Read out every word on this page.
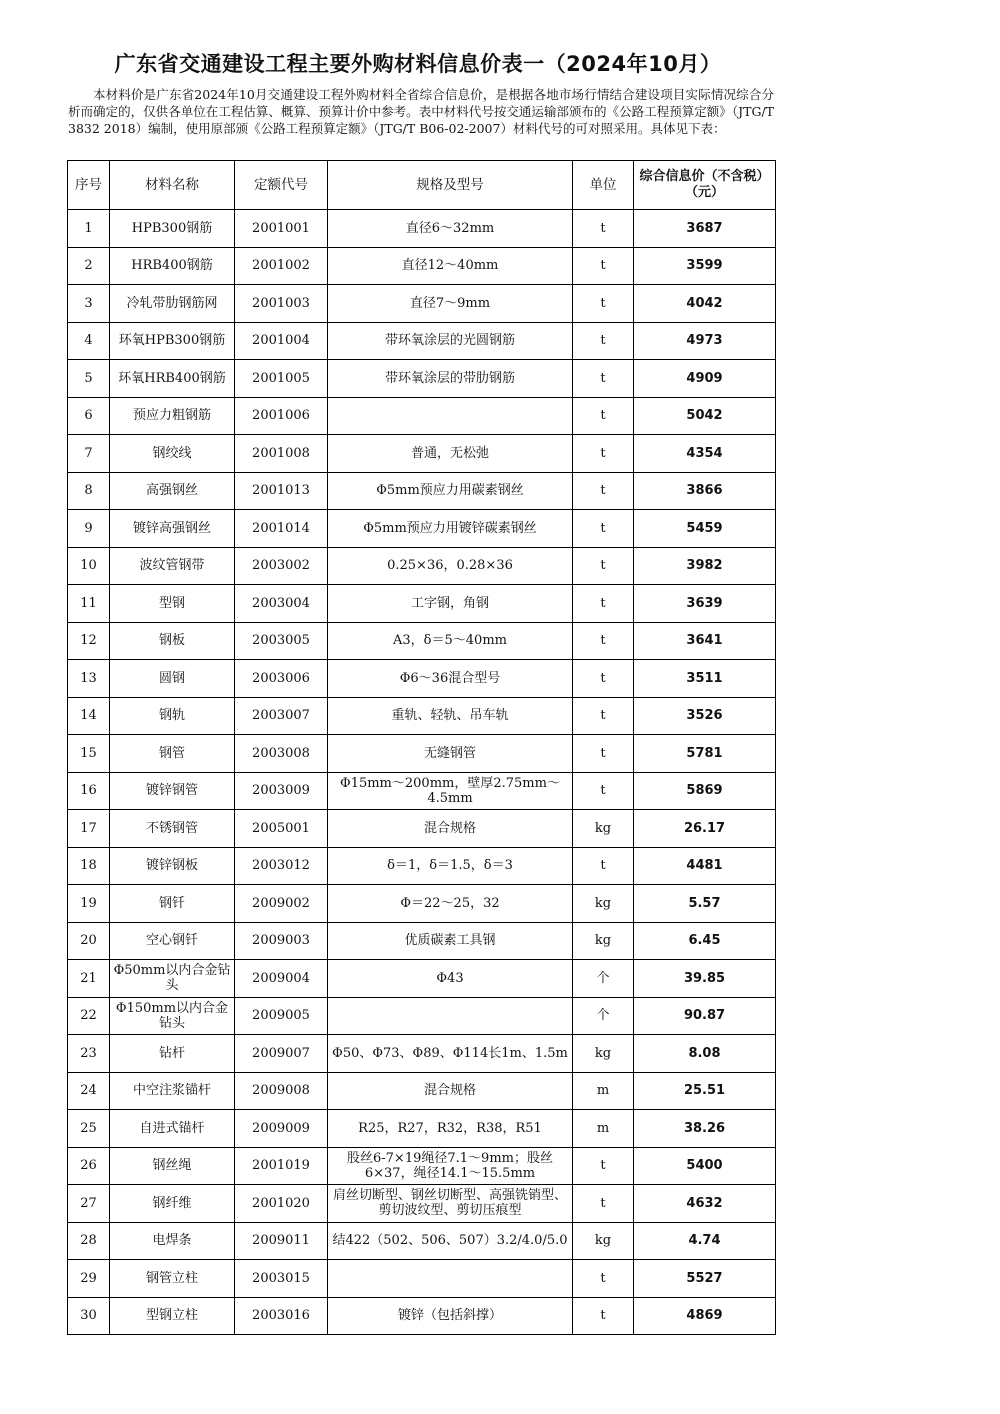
广东省交通建设工程主要外购材料信息价表一（2024年10月）
本材料价是广东省2024年10月交通建设工程外购材料全省综合信息价，是根据各地市场行情结合建设项目实际情况综合分析而确定的，仅供各单位在工程估算、概算、预算计价中参考。表中材料代号按交通运输部颁布的《公路工程预算定额》（JTG/T 3832 2018）编制，使用原部颁《公路工程预算定额》（JTG/T B06-02-2007）材料代号的可对照采用。具体见下表：
序号	材料名称	定额代号	规格及型号	单位	综合信息价（不含税）（元）
1	HPB300钢筋	2001001	直径6～32mm	t	3687
2	HRB400钢筋	2001002	直径12～40mm	t	3599
3	冷轧带肋钢筋网	2001003	直径7～9mm	t	4042
4	环氧HPB300钢筋	2001004	带环氧涂层的光圆钢筋	t	4973
5	环氧HRB400钢筋	2001005	带环氧涂层的带肋钢筋	t	4909
6	预应力粗钢筋	2001006		t	5042
7	钢绞线	2001008	普通，无松弛	t	4354
8	高强钢丝	2001013	Φ5mm预应力用碳素钢丝	t	3866
9	镀锌高强钢丝	2001014	Φ5mm预应力用镀锌碳素钢丝	t	5459
10	波纹管钢带	2003002	0.25×36，0.28×36	t	3982
11	型钢	2003004	工字钢，角钢	t	3639
12	钢板	2003005	A3，δ＝5～40mm	t	3641
13	圆钢	2003006	Φ6～36混合型号	t	3511
14	钢轨	2003007	重轨、轻轨、吊车轨	t	3526
15	钢管	2003008	无缝钢管	t	5781
16	镀锌钢管	2003009	Φ15mm～200mm，壁厚2.75mm～4.5mm	t	5869
17	不锈钢管	2005001	混合规格	kg	26.17
18	镀锌钢板	2003012	δ＝1，δ＝1.5，δ＝3	t	4481
19	钢钎	2009002	Φ＝22～25，32	kg	5.57
20	空心钢钎	2009003	优质碳素工具钢	kg	6.45
21	Φ50mm以内合金钻头	2009004	Φ43	个	39.85
22	Φ150mm以内合金钻头	2009005		个	90.87
23	钻杆	2009007	Φ50、Φ73、Φ89、Φ114长1m、1.5m	kg	8.08
24	中空注浆锚杆	2009008	混合规格	m	25.51
25	自进式锚杆	2009009	R25，R27，R32，R38，R51	m	38.26
26	钢丝绳	2001019	股丝6-7×19绳径7.1～9mm；股丝6×37，绳径14.1～15.5mm	t	5400
27	钢纤维	2001020	肩丝切断型、钢丝切断型、高强铣销型、剪切波纹型、剪切压痕型	t	4632
28	电焊条	2009011	结422（502、506、507）3.2/4.0/5.0	kg	4.74
29	钢管立柱	2003015		t	5527
30	型钢立柱	2003016	镀锌（包括斜撑）	t	4869
